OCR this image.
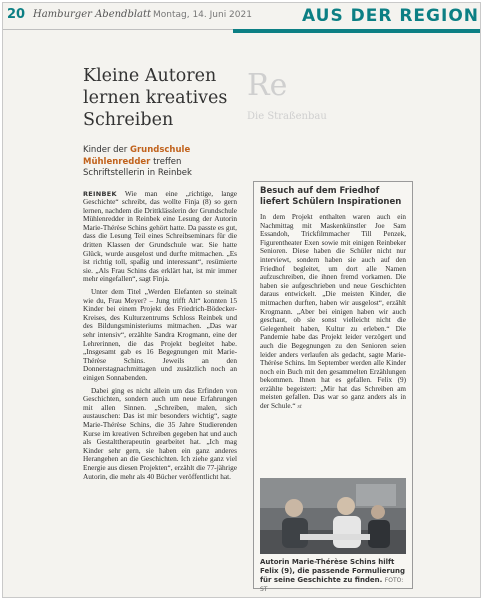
20 Hamburger Abendblatt Montag, 14. Juni 2021	AUS DER REGION
Re
Die Straßenbau
Kleine Autoren lernen kreatives Schreiben
Kinder der Grundschule Mühlenredder treffen Schriftstellerin in Reinbek

REINBEK Wie man eine „richtige, lange Geschichte“ schreibt, das wollte Finja (8) so gern lernen, nachdem die Drittklässlerin der Grundschule Mühlenredder in Reinbek eine Lesung der Autorin Marie-Thérèse Schins gehört hatte. Da passte es gut, dass die Lesung Teil eines Schreibseminars für die dritten Klassen der Grundschule war. Sie hatte Glück, wurde ausgelost und durfte mitmachen. „Es ist richtig toll, spaßig und interessant“, resümierte sie. „Als Frau Schins das erklärt hat, ist mir immer mehr eingefallen“, sagt Finja.

Unter dem Titel „Werden Elefanten so steinalt wie du, Frau Meyer? – Jung trifft Alt“ konnten 15 Kinder bei einem Projekt des Friedrich-Bödecker-Kreises, des Kulturzentrums Schloss Reinbek und des Bildungsministeriums mitmachen. „Das war sehr intensiv“, erzählte Sandra Krogmann, eine der Lehrerinnen, die das Projekt begleitet habe. „Insgesamt gab es 16 Begegnungen mit Marie-Thérèse Schins. Jeweils an den Donnerstagnachmittagen und zusätzlich noch an einigen Sonnabenden.

Dabei ging es nicht allein um das Erfinden von Geschichten, sondern auch um neue Erfahrungen mit allen Sinnen. „Schreiben, malen, sich austauschen: Das ist mir besonders wichtig“, sagte Marie-Thérèse Schins, die 35 Jahre Studierenden Kurse im kreativen Schreiben gegeben hat und auch als Gestalttherapeutin gearbeitet hat. „Ich mag Kinder sehr gern, sie haben ein ganz anderes Herangehen an die Geschichten. Ich ziehe ganz viel Energie aus diesen Projekten“, erzählt die 77-jährige Autorin, die mehr als 40 Bücher veröffentlicht hat.

Besuch auf dem Friedhof
liefert Schülern Inspirationen

In dem Projekt enthalten waren auch ein Nachmittag mit Maskenkünstler Joe Sam Essandoh, Trickfilmmacher Till Penzek, Figurentheater Exen sowie mit einigen Reinbeker Senioren. Diese haben die Schüler nicht nur interviewt, sondern haben sie auch auf den Friedhof begleitet, um dort alle Namen aufzuschreiben, die ihnen fremd vorkamen. Die haben sie aufgeschrieben und neue Geschichten daraus entwickelt. „Die meisten Kinder, die mitmachen durften, haben wir ausgelost“, erzählt Krogmann. „Aber bei einigen haben wir auch geschaut, ob sie sonst vielleicht nicht die Gelegenheit haben, Kultur zu erleben.“ Die Pandemie habe das Projekt leider verzögert und auch die Begegnungen zu den Senioren seien leider anders verlaufen als gedacht, sagte Marie-Thérèse Schins. Im September werden alle Kinder noch ein Buch mit den gesammelten Erzählungen bekommen. Ihnen hat es gefallen. Felix (9) erzählte begeistert: „Mir hat das Schreiben am meisten gefallen. Das war so ganz anders als in der Schule.“ st

Autorin Marie-Thérèse Schins hilft Felix (9), die passende Formulierung für seine Geschichte zu finden. FOTO: ST
